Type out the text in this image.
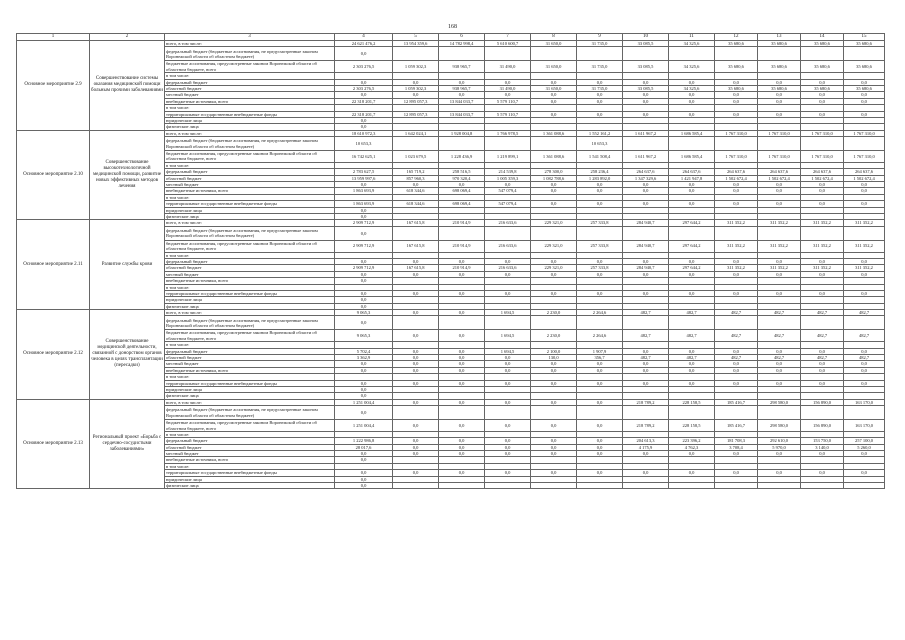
168
1	2	3	4	5	6	7	8	9	10	11	12	13	14	15
Основное мероприятие 2.9	Совершенствование системы оказания медицинской помощи больным прочими заболеваниями	всего, в том числе:	24 621 476,2	13 954 359,6	14 782 998,4	5 610 600,7	31 650,0	31 735,0	33 085,5	34 325,6	35 680,6	35 680,6	35 680,6	35 680,6
		федеральный бюджет (бюджетные ассигнования, не предусмотренные законом Воронежской области об областном бюджете)	0,0											
		бюджетные ассигнования, предусмотренные законом Воронежской области об областном бюджете, всего	2 303 276,5	1 059 302,3	938 965,7	31 490,0	31 650,0	31 735,0	33 085,5	34 325,6	35 680,6	35 680,6	35 680,6	35 680,6
		в том числе:												
		федеральный бюджет	0,0	0,0	0,0	0,0	0,0	0,0	0,0	0,0	0,0	0,0	0,0	0,0
		областной бюджет	2 303 276,5	1 059 302,3	938 965,7	31 490,0	31 650,0	31 735,0	33 085,5	34 325,6	35 680,6	35 680,6	35 680,6	35 680,6
		местный бюджет	0,0	0,0	0,0	0,0	0,0	0,0	0,0	0,0	0,0	0,0	0,0	0,0
		внебюджетные источники, всего	22 318 201,7	12 895 057,3	13 844 033,7	5 579 110,7	0,0	0,0	0,0	0,0	0,0	0,0	0,0	0,0
		в том числе:												
		территориальные государственные внебюджетные фонды	22 318 201,7	12 895 057,3	13 844 033,7	5 579 110,7	0,0	0,0	0,0	0,0	0,0	0,0	0,0	0,0
		юридические лица	0,0											
		физические лица	0,0											
Основное мероприятие 2.10	Совершенствование высокотехнологичной медицинской помощи, развитие новых эффективных методов лечения	всего, в том числе:	18 610 972,3	1 642 024,1	1 928 004,8	1 766 978,5	1 361 088,6	1 552 161,2	1 611 967,2	1 686 585,4	1 767 310,0	1 767 310,0	1 767 310,0	1 767 310,0
		федеральный бюджет (бюджетные ассигнования, не предусмотренные законом Воронежской области об областном бюджете)	10 653,3					10 653,3						
		бюджетные ассигнования, предусмотренные законом Воронежской области об областном бюджете, всего	16 742 625,1	1 023 679,5	1 228 436,9	1 219 899,1	1 361 088,6	1 541 508,4	1 611 967,2	1 686 585,4	1 767 310,0	1 767 310,0	1 767 310,0	1 767 310,0
		в том числе:												
		федеральный бюджет	2 783 627,5	165 719,2	258 516,5	214 539,8	278 300,0	258 236,4	264 637,6	264 637,6	264 637,6	264 637,6	264 637,6	264 637,6
		областной бюджет	13 959 997,6	857 960,3	970 320,4	1 005 359,3	1 082 788,6	1 283 892,0	1 347 329,6	1 421 947,8	1 502 672,4	1 502 672,4	1 502 672,4	1 502 672,4
		местный бюджет	0,0	0,0	0,0	0,0	0,0	0,0	0,0	0,0	0,0	0,0	0,0	0,0
		внебюджетные источники, всего	1 863 693,9	618 344,6	698 069,4	547 079,4	0,0	0,0	0,0	0,0	0,0	0,0	0,0	0,0
		в том числе:												
		территориальные государственные внебюджетные фонды	1 863 693,9	618 344,6	698 069,4	547 079,4	0,0	0,0	0,0	0,0	0,0	0,0	0,0	0,0
		юридические лица	0,0											
		физические лица	0,0											
Основное мероприятие 2.11	Развитие службы крови	всего, в том числе:	2 909 712,9	167 615,8	210 914,9	216 633,6	229 321,0	257 333,8	284 940,7	297 644,2	311 352,2	311 352,2	311 352,2	311 352,2
		федеральный бюджет (бюджетные ассигнования, не предусмотренные законом Воронежской области об областном бюджете)	0,0											
		бюджетные ассигнования, предусмотренные законом Воронежской области об областном бюджете, всего	2 909 712,9	167 615,8	210 914,9	216 633,6	229 321,0	257 333,8	284 940,7	297 644,2	311 352,2	311 352,2	311 352,2	311 352,2
		в том числе:												
		федеральный бюджет	0,0	0,0	0,0	0,0	0,0	0,0	0,0	0,0	0,0	0,0	0,0	0,0
		областной бюджет	2 909 712,9	167 615,8	210 914,9	216 633,6	229 321,0	257 333,8	284 940,7	297 644,2	311 352,2	311 352,2	311 352,2	311 352,2
		местный бюджет	0,0	0,0	0,0	0,0	0,0	0,0	0,0	0,0	0,0	0,0	0,0	0,0
		внебюджетные источники, всего	0,0											
		в том числе:												
		территориальные государственные внебюджетные фонды	0,0	0,0	0,0	0,0	0,0	0,0	0,0	0,0	0,0	0,0	0,0	0,0
		юридические лица	0,0											
		физические лица	0,0											
Основное мероприятие 2.12	Совершенствование медицинской деятельности, связанной с донорством органов человека в целях трансплантации (пересадки)	всего, в том числе:	9 065,3	0,0	0,0	1 694,5	2 230,0	2 264,6	482,7	482,7	482,7	482,7	482,7	482,7
		федеральный бюджет (бюджетные ассигнования, не предусмотренные законом Воронежской области об областном бюджете)	0,0											
		бюджетные ассигнования, предусмотренные законом Воронежской области об областном бюджете, всего	9 065,3	0,0	0,0	1 694,5	2 230,0	2 264,6	482,7	482,7	482,7	482,7	482,7	482,7
		в том числе:												
		федеральный бюджет	5 702,4	0,0	0,0	1 694,5	2 100,0	1 907,9	0,0	0,0	0,0	0,0	0,0	0,0
		областной бюджет	3 362,9	0,0	0,0	0,0	130,0	356,7	482,7	482,7	482,7	482,7	482,7	482,7
		местный бюджет	0,0	0,0	0,0	0,0	0,0	0,0	0,0	0,0	0,0	0,0	0,0	0,0
		внебюджетные источники, всего	0,0	0,0	0,0	0,0	0,0	0,0	0,0	0,0	0,0	0,0	0,0	0,0
		в том числе:												
		территориальные государственные внебюджетные фонды	0,0	0,0	0,0	0,0	0,0	0,0	0,0	0,0	0,0	0,0	0,0	0,0
		юридические лица	0,0											
		физические лица	0,0											
Основное мероприятие 2.13	Региональный проект «Борьба с сердечно-сосудистыми заболеваниями»	всего, в том числе:	1 251 004,4	0,0	0,0	0,0	0,0	0,0	218 789,2	228 158,5	185 416,7	298 580,0	156 890,0	163 170,0
		федеральный бюджет (бюджетные ассигнования, не предусмотренные законом Воронежской области об областном бюджете)	0,0											
		бюджетные ассигнования, предусмотренные законом Воронежской области об областном бюджете, всего	1 251 004,4	0,0	0,0	0,0	0,0	0,0	218 789,2	228 158,5	185 416,7	298 580,0	156 890,0	163 170,0
		в том числе:												
		федеральный бюджет	1 222 986,8	0,0	0,0	0,0	0,0	0,0	204 613,3	223 396,2	181 708,3	292 610,0	153 750,0	257 100,0
		областной бюджет	28 017,6	0,0	0,0	0,0	0,0	0,0	4 175,9	4 762,3	3 708,4	5 970,0	3 140,0	5 260,0
		местный бюджет	0,0	0,0	0,0	0,0	0,0	0,0	0,0	0,0	0,0	0,0	0,0	0,0
		внебюджетные источники, всего	0,0											
		в том числе:												
		территориальные государственные внебюджетные фонды	0,0	0,0	0,0	0,0	0,0	0,0	0,0	0,0	0,0	0,0	0,0	0,0
		юридические лица	0,0											
		физические лица	0,0											
